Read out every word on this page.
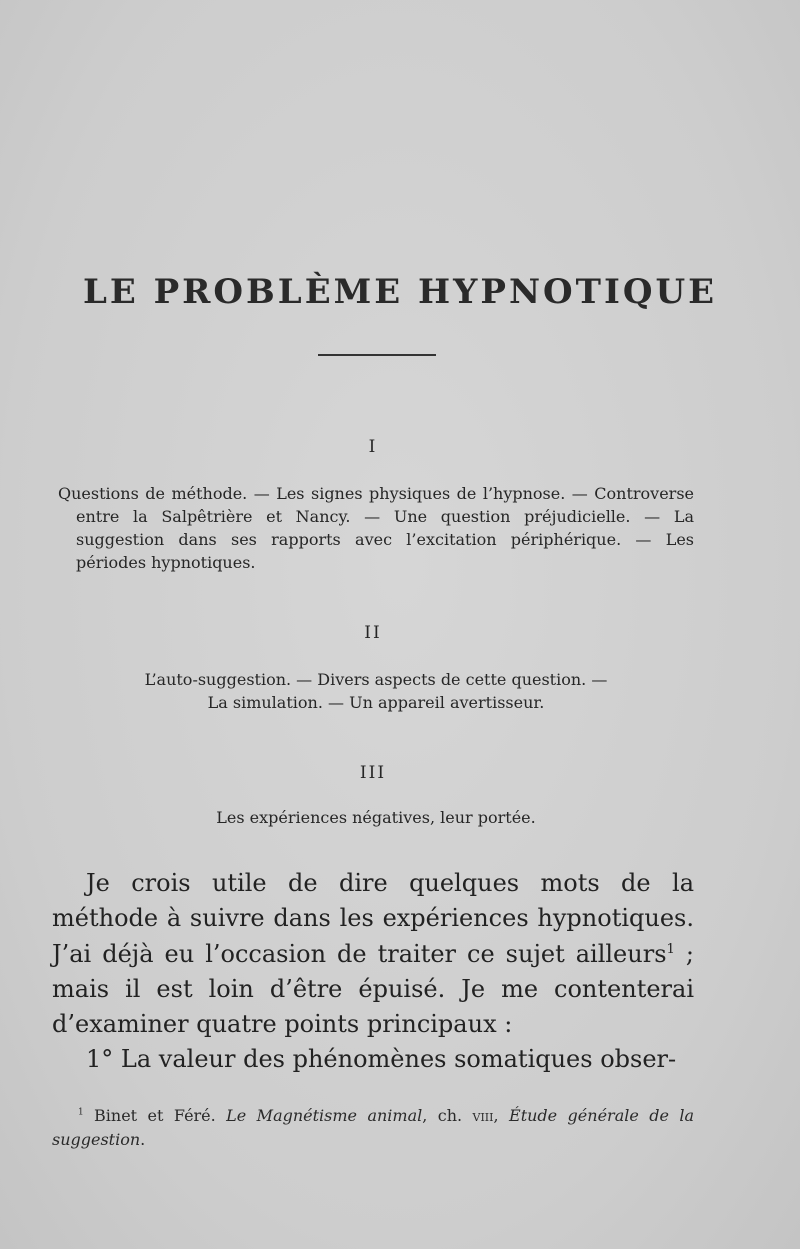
LE PROBLÈME HYPNOTIQUE

I

Questions de méthode. — Les signes physiques de l’hypnose. — Controverse entre la Salpêtrière et Nancy. — Une question préjudicielle. — La suggestion dans ses rapports avec l’excitation périphérique. — Les périodes hypnotiques.

II

L’auto-suggestion. — Divers aspects de cette question. —
La simulation. — Un appareil avertisseur.

III

Les expériences négatives, leur portée.

Je crois utile de dire quelques mots de la méthode à suivre dans les expériences hypnotiques. J’ai déjà eu l’occasion de traiter ce sujet ailleurs$^1$ ; mais il est loin d’être épuisé. Je me contenterai d’examiner quatre points principaux :
1° La valeur des phénomènes somatiques obser-
$^1$ Binet et Féré. Le Magnétisme animal, ch. viii, Étude générale de la suggestion.
